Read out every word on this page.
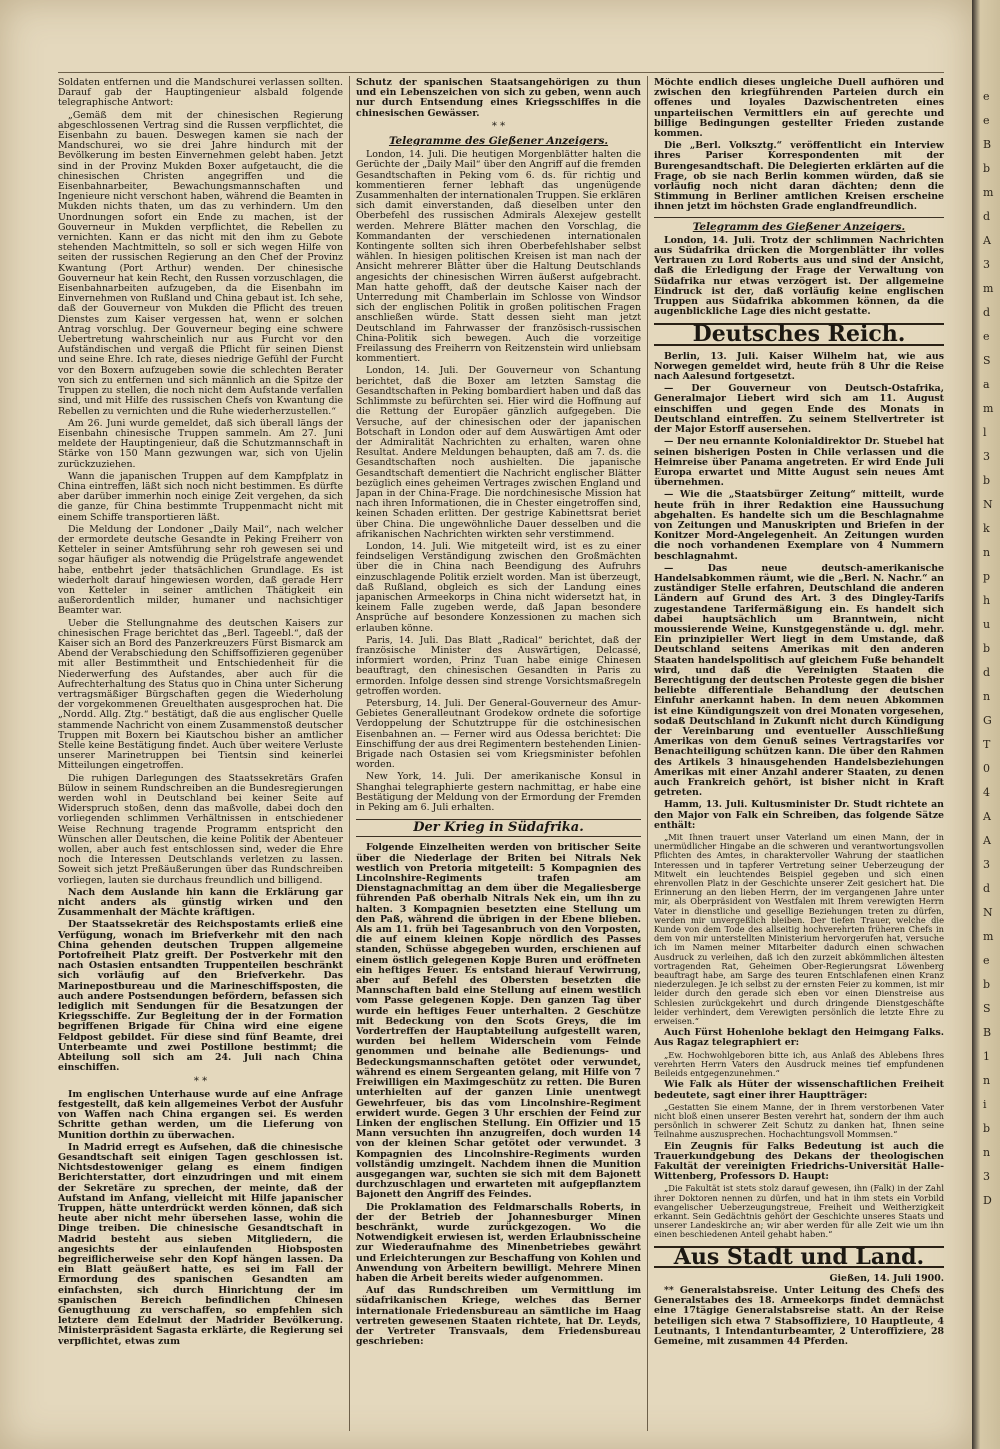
e
e
B
b
m
d
A
3
m
d
e
S
a
m
l
3
b
N
k
n
p
h
u
b
d
n
G
T
0
4
A
A
3
d
N
m
e
b
S
B
1
n
i
b
n
3
D

Soldaten entfernen und die Mandschurei verlassen sollten. Darauf gab der Hauptingenieur alsbald folgende telegraphische Antwort:

„Gemäß dem mit der chinesischen Regierung abgeschlossenen Vertrag sind die Russen verpflichtet, die Eisenbahn zu bauen. Deswegen kamen sie nach der Mandschurei, wo sie drei Jahre hindurch mit der Bevölkerung im besten Einvernehmen gelebt haben. Jetzt sind in der Provinz Mukden Boxer aufgetaucht, die die chinesischen Christen angegriffen und die Eisenbahnarbeiter, Bewachungsmannschaften und Ingenieure nicht verschont haben, während die Beamten in Mukden nichts thaten, um das zu verhindern. Um den Unordnungen sofort ein Ende zu machen, ist der Gouverneur in Mukden verpflichtet, die Rebellen zu vernichten. Kann er das nicht mit den ihm zu Gebote stehenden Machtmitteln, so soll er sich wegen Hilfe von seiten der russischen Regierung an den Chef der Provinz Kwantung (Port Arthur) wenden. Der chinesische Gouverneur hat kein Recht, den Russen vorzuschlagen, die Eisenbahnarbeiten aufzugeben, da die Eisenbahn im Einvernehmen von Rußland und China gebaut ist. Ich sehe, daß der Gouverneur von Mukden die Pflicht des treuen Dienstes zum Kaiser vergessen hat, wenn er solchen Antrag vorschlug. Der Gouverneur beging eine schwere Uebertretung wahrscheinlich nur aus Furcht vor den Aufständischen und vergaß die Pflicht für seinen Dienst und seine Ehre. Ich rate, dieses niedrige Gefühl der Furcht vor den Boxern aufzugeben sowie die schlechten Berater von sich zu entfernen und sich männlich an die Spitze der Truppen zu stellen, die noch nicht dem Aufstande verfallen sind, und mit Hilfe des russischen Chefs von Kwantung die Rebellen zu vernichten und die Ruhe wiederherzustellen.“

Am 26. Juni wurde gemeldet, daß sich überall längs der Eisenbahn chinesische Truppen sammeln. Am 27. Juni meldete der Hauptingenieur, daß die Schutzmannschaft in Stärke von 150 Mann gezwungen war, sich von Ujelin zurückzuziehen.

Wann die japanischen Truppen auf dem Kampfplatz in China eintreffen, läßt sich noch nicht bestimmen. Es dürfte aber darüber immerhin noch einige Zeit vergehen, da sich die ganze, für China bestimmte Truppenmacht nicht mit einem Schiffe transportieren läßt.

Die Meldung der Londoner „Daily Mail“, nach welcher der ermordete deutsche Gesandte in Peking Freiherr von Ketteler in seiner Amtsführung sehr roh gewesen sei und sogar häufiger als notwendig die Prügelstrafe angewendet habe, entbehrt jeder thatsächlichen Grundlage. Es ist wiederholt darauf hingewiesen worden, daß gerade Herr von Ketteler in seiner amtlichen Thätigkeit ein außerordentlich milder, humaner und nachsichtiger Beamter war.

Ueber die Stellungnahme des deutschen Kaisers zur chinesischen Frage berichtet das „Berl. Tageebl.“, daß der Kaiser sich an Bord des Panzerkreuzers Fürst Bismarck am Abend der Verabschiedung den Schiffsoffizieren gegenüber mit aller Bestimmtheit und Entschiedenheit für die Niederwerfung des Aufstandes, aber auch für die Aufrechterhaltung des Status quo in China unter Sicherung vertragsmäßiger Bürgschaften gegen die Wiederholung der vorgekommenen Greuelthaten ausgesprochen hat. Die „Nordd. Allg. Ztg.“ bestätigt, daß die aus englischer Quelle stammende Nachricht von einem Zusammenstoß deutscher Truppen mit Boxern bei Kiautschou bisher an amtlicher Stelle keine Bestätigung findet. Auch über weitere Verluste unserer Marinetruppen bei Tientsin sind keinerlei Mitteilungen eingetroffen.

Die ruhigen Darlegungen des Staatssekretärs Grafen Bülow in seinem Rundschreiben an die Bundesregierungen werden wohl in Deutschland bei keiner Seite auf Widerspruch stoßen, denn das maßvolle, dabei doch den vorliegenden schlimmen Verhältnissen in entschiedener Weise Rechnung tragende Programm entspricht den Wünschen aller Deutschen, die keine Politik der Abenteuer wollen, aber auch fest entschlossen sind, weder die Ehre noch die Interessen Deutschlands verletzen zu lassen. Soweit sich jetzt Preßäußerungen über das Rundschreiben vorliegen, lauten sie durchaus freundlich und billigend.

Nach dem Auslande hin kann die Erklärung gar nicht anders als günstig wirken und den Zusammenhalt der Mächte kräftigen.

Der Staatssekretär des Reichspostamts erließ eine Verfügung, wonach im Briefverkehr mit den nach China gehenden deutschen Truppen allgemeine Portofreiheit Platz greift. Der Postverkehr mit den nach Ostasien entsandten Truppenteilen beschränkt sich vorläufig auf den Briefverkehr. Das Marinepostbureau und die Marineschiffsposten, die auch andere Postsendungen befördern, befassen sich lediglich mit Sendungen für die Besatzungen der Kriegsschiffe. Zur Begleitung der in der Formation begriffenen Brigade für China wird eine eigene Feldpost gebildet. Für diese sind fünf Beamte, drei Unterbeamte und zwei Postillone bestimmt; die Abteilung soll sich am 24. Juli nach China einschiffen.

* *

Im englischen Unterhause wurde auf eine Anfrage festgestellt, daß kein allgemeines Verbot der Ausfuhr von Waffen nach China ergangen sei. Es werden Schritte gethan werden, um die Lieferung von Munition dorthin zu überwachen.

In Madrid erregt es Aufsehen, daß die chinesische Gesandtschaft seit einigen Tagen geschlossen ist. Nichtsdestoweniger gelang es einem findigen Berichterstatter, dort einzudringen und mit einem der Sekretäre zu sprechen, der meinte, daß der Aufstand im Anfang, vielleicht mit Hilfe japanischer Truppen, hätte unterdrückt werden können, daß sich heute aber nicht mehr übersehen lasse, wohin die Dinge treiben. Die chinesische Gesandtschaft in Madrid besteht aus sieben Mitgliedern, die angesichts der einlaufenden Hiobsposten begreiflicherweise sehr den Kopf hängen lassen. Da ein Blatt geäußert hatte, es sei im Fall der Ermordung des spanischen Gesandten am einfachsten, sich durch Hinrichtung der im spanischen Bereich befindlichen Chinesen Genugthuung zu verschaffen, so empfehlen sich letztere dem Edelmut der Madrider Bevölkerung. Ministerpräsident Sagasta erklärte, die Regierung sei verpflichtet, etwas zum

Schutz der spanischen Staatsangehörigen zu thun und ein Lebenszeichen von sich zu geben, wenn auch nur durch Entsendung eines Kriegsschiffes in die chinesischen Gewässer.

* *
Telegramme des Gießener Anzeigers.

London, 14. Juli. Die heutigen Morgenblätter halten die Gerüchte der „Daily Mail“ über den Angriff auf die fremden Gesandtschaften in Peking vom 6. ds. für richtig und kommentieren ferner lebhaft das ungenügende Zusammenhalten der internationalen Truppen. Sie erklären sich damit einverstanden, daß dieselben unter den Oberbefehl des russischen Admirals Alexejew gestellt werden. Mehrere Blätter machen den Vorschlag, die Kommandanten der verschiedenen internationalen Kontingente sollten sich ihren Oberbefehlshaber selbst wählen. In hiesigen politischen Kreisen ist man nach der Ansicht mehrerer Blätter über die Haltung Deutschlands angesichts der chinesischen Wirren äußerst aufgebracht. Man hatte gehofft, daß der deutsche Kaiser nach der Unterredung mit Chamberlain im Schlosse von Windsor sich der englischen Politik in großen politischen Fragen anschließen würde. Statt dessen sieht man jetzt Deutschland im Fahrwasser der französisch-russischen China-Politik sich bewegen. Auch die vorzeitige Freilassung des Freiherrn von Reitzenstein wird unliebsam kommentiert.

London, 14. Juli. Der Gouverneur von Schantung berichtet, daß die Boxer am letzten Samstag die Gesandtschaften in Peking bombardiert haben und daß das Schlimmste zu befürchten sei. Hier wird die Hoffnung auf die Rettung der Europäer gänzlich aufgegeben. Die Versuche, auf der chinesischen oder der japanischen Botschaft in London oder auf dem Auswärtigen Amt oder der Admiralität Nachrichten zu erhalten, waren ohne Resultat. Andere Meldungen behaupten, daß am 7. ds. die Gesandtschaften noch aushielten. Die japanische Gesandtschaft dementiert die Nachricht englischer Blätter bezüglich eines geheimen Vertrages zwischen England und Japan in der China-Frage. Die nordchinesische Mission hat nach ihren Informationen, die in Chester eingetroffen sind, keinen Schaden erlitten. Der gestrige Kabinettsrat beriet über China. Die ungewöhnliche Dauer desselben und die afrikanischen Nachrichten wirkten sehr verstimmend.

London, 14. Juli. Wie mitgeteilt wird, ist es zu einer feindseligen Verständigung zwischen den Großmächten über die in China nach Beendigung des Aufruhrs einzuschlagende Politik erzielt worden. Man ist überzeugt, daß Rußland, obgleich es sich der Landung eines japanischen Armeekorps in China nicht widersetzt hat, in keinem Falle zugeben werde, daß Japan besondere Ansprüche auf besondere Konzessionen zu machen sich erlauben könne.

Paris, 14. Juli. Das Blatt „Radical“ berichtet, daß der französische Minister des Auswärtigen, Delcassé, informiert worden, Prinz Tuan habe einige Chinesen beauftragt, den chinesischen Gesandten in Paris zu ermorden. Infolge dessen sind strenge Vorsichtsmaßregeln getroffen worden.

Petersburg, 14. Juli. Der General-Gouverneur des Amur-Gebietes Generalleutnant Grodekow ordnete die sofortige Verdoppelung der Schutztruppe für die ostchinesischen Eisenbahnen an. — Ferner wird aus Odessa berichtet: Die Einschiffung der aus drei Regimentern bestehenden Linien-Brigade nach Ostasien sei vom Kriegsminister befohlen worden.

New York, 14. Juli. Der amerikanische Konsul in Shanghai telegraphierte gestern nachmittag, er habe eine Bestätigung der Meldung von der Ermordung der Fremden in Peking am 6. Juli erhalten.

Der Krieg in Südafrika.

Folgende Einzelheiten werden von britischer Seite über die Niederlage der Briten bei Nitrals Nek westlich von Pretoria mitgeteilt: 5 Kompagnien des Lincolnshire-Regiments trafen am Dienstagnachmittag an dem über die Megaliesberge führenden Paß oberhalb Nitrals Nek ein, um ihn zu halten. 3 Kompagnien besetzten eine Stellung um den Paß, während die übrigen in der Ebene blieben. Als am 11. früh bei Tagesanbruch von den Vorposten, die auf einem kleinen Kopje nördlich des Passes standen, Schüsse abgegeben wurden, erschienen auf einem östlich gelegenen Kopje Buren und eröffneten ein heftiges Feuer. Es entstand hierauf Verwirrung, aber auf Befehl des Obersten besetzten die Mannschaften bald eine Stellung auf einem westlich vom Passe gelegenen Kopje. Den ganzen Tag über wurde ein heftiges Feuer unterhalten. 2 Geschütze mit Bedeckung von den Scots Greys, die im Vordertreffen der Hauptabteilung aufgestellt waren, wurden bei hellem Widerschein vom Feinde genommen und beinahe alle Bedienungs- und Bedeckungsmannschaften getötet oder verwundet, während es einem Sergeanten gelang, mit Hilfe von 7 Freiwilligen ein Maximgeschütz zu retten. Die Buren unterhielten auf der ganzen Linie unentwegt Gewehrfeuer, bis das vom Lincolnshire-Regiment erwidert wurde. Gegen 3 Uhr erschien der Feind zur Linken der englischen Stellung. Ein Offizier und 15 Mann versuchten ihn anzugreifen, doch wurden 14 von der kleinen Schar getötet oder verwundet. 3 Kompagnien des Lincolnshire-Regiments wurden vollständig umzingelt. Nachdem ihnen die Munition ausgegangen war, suchten sie sich mit dem Bajonett durchzuschlagen und erwarteten mit aufgepflanztem Bajonett den Angriff des Feindes.

Die Proklamation des Feldmarschalls Roberts, in der der Betrieb der Johannesburger Minen beschränkt, wurde zurückgezogen. Wo die Notwendigkeit erwiesen ist, werden Erlaubnisscheine zur Wiederaufnahme des Minenbetriebes gewährt und Erleichterungen zur Beschaffung von Kohlen und Anwendung von Arbeitern bewilligt. Mehrere Minen haben die Arbeit bereits wieder aufgenommen.

Auf das Rundschreiben um Vermittlung im südafrikanischen Kriege, welches das Berner internationale Friedensbureau an sämtliche im Haag vertreten gewesenen Staaten richtete, hat Dr. Leyds, der Vertreter Transvaals, dem Friedensbureau geschrieben:

Möchte endlich dieses ungleiche Duell aufhören und zwischen den kriegführenden Parteien durch ein offenes und loyales Dazwischentreten eines unparteiischen Vermittlers ein auf gerechte und billige Bedingungen gestellter Frieden zustande kommen.

Die „Berl. Volksztg.“ veröffentlicht ein Interview ihres Pariser Korrespondenten mit der Burengesandtschaft. Die Delegierten erklärten auf die Frage, ob sie nach Berlin kommen würden, daß sie vorläufig noch nicht daran dächten; denn die Stimmung in Berliner amtlichen Kreisen erscheine ihnen jetzt im höchsten Grade englandfreundlich.

Telegramm des Gießener Anzeigers.

London, 14. Juli. Trotz der schlimmen Nachrichten aus Südafrika drücken die Morgenblätter ihr volles Vertrauen zu Lord Roberts aus und sind der Ansicht, daß die Erledigung der Frage der Verwaltung von Südafrika nur etwas verzögert ist. Der allgemeine Eindruck ist der, daß vorläufig keine englischen Truppen aus Südafrika abkommen können, da die augenblickliche Lage dies nicht gestatte.

Deutsches Reich.

Berlin, 13. Juli. Kaiser Wilhelm hat, wie aus Norwegen gemeldet wird, heute früh 8 Uhr die Reise nach Aalesund fortgesetzt.

— Der Gouverneur von Deutsch-Ostafrika, Generalmajor Liebert wird sich am 11. August einschiffen und gegen Ende des Monats in Deutschland eintreffen. Zu seinem Stellvertreter ist der Major Estorff ausersehen.

— Der neu ernannte Kolonialdirektor Dr. Stuebel hat seinen bisherigen Posten in Chile verlassen und die Heimreise über Panama angetreten. Er wird Ende Juli Europa erwartet und Mitte August sein neues Amt übernehmen.

— Wie die „Staatsbürger Zeitung“ mitteilt, wurde heute früh in ihrer Redaktion eine Haussuchung abgehalten. Es handelte sich um die Beschlagnahme von Zeitungen und Manuskripten und Briefen in der Konitzer Mord-Angelegenheit. An Zeitungen wurden die noch vorhandenen Exemplare von 4 Nummern beschlagnahmt.

— Das neue deutsch-amerikanische Handelsabkommen räumt, wie die „Berl. N. Nachr.“ an zuständiger Stelle erfahren, Deutschland die anderen Ländern auf Grund des Art. 3 des Dingley-Tarifs zugestandene Tarifermäßigung ein. Es handelt sich dabei hauptsächlich um Branntwein, nicht moussierende Weine, Kunstgegenstände u. dgl. mehr. Ein prinzipieller Wert liegt in dem Umstande, daß Deutschland seitens Amerikas mit den anderen Staaten handelspolitisch auf gleichem Fuße behandelt wird, und daß die Vereinigten Staaten die Berechtigung der deutschen Proteste gegen die bisher beliebte differentiale Behandlung der deutschen Einfuhr anerkannt haben. In dem neuen Abkommen ist eine Kündigungszeit von drei Monaten vorgesehen, sodaß Deutschland in Zukunft nicht durch Kündigung der Vereinbarung und eventueller Ausschließung Amerikas von dem Genuß seines Vertragstarifes vor Benachteiligung schützen kann. Die über den Rahmen des Artikels 3 hinausgehenden Handelsbeziehungen Amerikas mit einer Anzahl anderer Staaten, zu denen auch Frankreich gehört, ist bisher nicht in Kraft getreten.

Hamm, 13. Juli. Kultusminister Dr. Studt richtete an den Major von Falk ein Schreiben, das folgende Sätze enthält:

„Mit Ihnen trauert unser Vaterland um einen Mann, der in unermüdlicher Hingabe an die schweren und verantwortungsvollen Pflichten des Amtes, in charaktervoller Wahrung der staatlichen Interessen und in tapferer Vertretung seiner Ueberzeugung der Mitwelt ein leuchtendes Beispiel gegeben und sich einen ehrenvollen Platz in der Geschichte unserer Zeit gesichert hat. Die Erinnerung an den lieben Herrn, der im vergangenen Jahre unter mir, als Oberpräsident von Westfalen mit Ihrem verewigten Herrn Vater in dienstliche und gesellige Beziehungen treten zu dürfen, werden mir unvergeßlich bleiben. Der tiefen Trauer, welche die Kunde von dem Tode des allseitig hochverehrten früheren Chefs in dem von mir unterstellten Ministerium hervorgerufen hat, versuche ich im Namen meiner Mitarbeiter dadurch einen schwachen Ausdruck zu verleihen, daß ich den zurzeit abkömmlichen ältesten vortragenden Rat, Geheimen Ober-Regierungsrat Löwenberg beauftragt habe, am Sarge des teuren Entschlafenen einen Kranz niederzulegen. Je ich selbst zu der ernsten Feier zu kommen, ist mir leider durch den gerade sich eben vor einen Dienstreise aus Schlesien zurückgekehrt und durch dringende Dienstgeschäfte leider verhindert, dem Verewigten persönlich die letzte Ehre zu erweisen.“

Auch Fürst Hohenlohe beklagt den Heimgang Falks. Aus Ragaz telegraphiert er:

„Ew. Hochwohlgeboren bitte ich, aus Anlaß des Ablebens Ihres verehrten Herrn Vaters den Ausdruck meines tief empfundenen Beileids entgegenzunehmen.“

Wie Falk als Hüter der wissenschaftlichen Freiheit bedeutete, sagt einer ihrer Hauptträger:

„Gestatten Sie einem Manne, der in Ihrem verstorbenen Vater nicht bloß einen unserer Besten verehrt hat, sondern der ihm auch persönlich in schwerer Zeit Schutz zu danken hat, Ihnen seine Teilnahme auszusprechen. Hochachtungsvoll Mommsen.“

Ein Zeugnis für Falks Bedeutung ist auch die Trauerkundgebung des Dekans der theologischen Fakultät der vereinigten Friedrichs-Universität Halle-Wittenberg, Professors D. Haupt:

„Die Fakultät ist stets stolz darauf gewesen, ihn (Falk) in der Zahl ihrer Doktoren nennen zu dürfen, und hat in ihm stets ein Vorbild evangelischer Ueberzeugungstreue, Freiheit und Weitherzigkeit erkannt. Sein Gedächtnis gehört der Geschichte unseres Staats und unserer Landeskirche an; wir aber werden für alle Zeit wie um ihn einen beschiedenen Anteil gehabt haben.“

Aus Stadt und Land.
Gießen, 14. Juli 1900.

** Generalstabsreise. Unter Leitung des Chefs des Generalstabes des 18. Armeekorps findet demnächst eine 17tägige Generalstabsreise statt. An der Reise beteiligen sich etwa 7 Stabsoffiziere, 10 Hauptleute, 4 Leutnants, 1 Intendanturbeamter, 2 Unteroffiziere, 28 Gemeine, mit zusammen 44 Pferden.
